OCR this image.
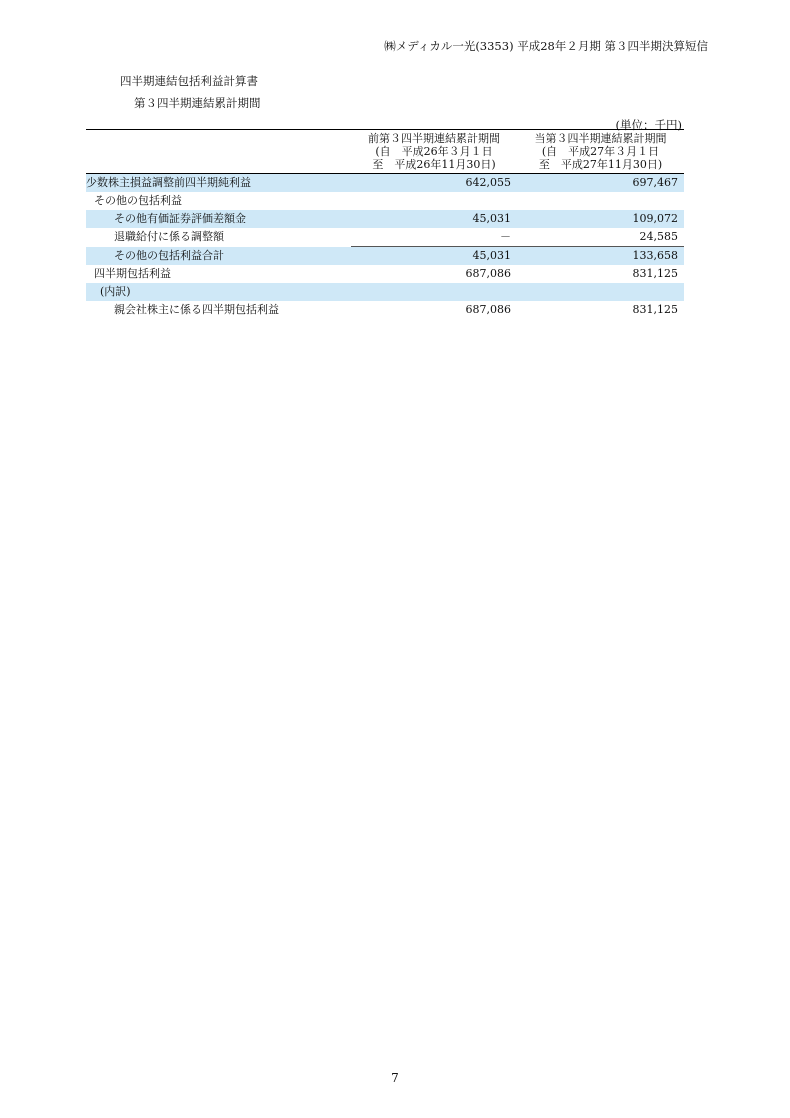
㈱メディカル一光(3353) 平成28年２月期 第３四半期決算短信
四半期連結包括利益計算書
第３四半期連結累計期間
(単位：千円)

	前第３四半期連結累計期間
(自　平成26年３月１日
至　平成26年11月30日)	当第３四半期連結累計期間
(自　平成27年３月１日
至　平成27年11月30日)

少数株主損益調整前四半期純利益	642,055	697,467
その他の包括利益		
その他有価証券評価差額金	45,031	109,072
退職給付に係る調整額	－	24,585
その他の包括利益合計	45,031	133,658
四半期包括利益	687,086	831,125
(内訳)		
親会社株主に係る四半期包括利益	687,086	831,125
7
